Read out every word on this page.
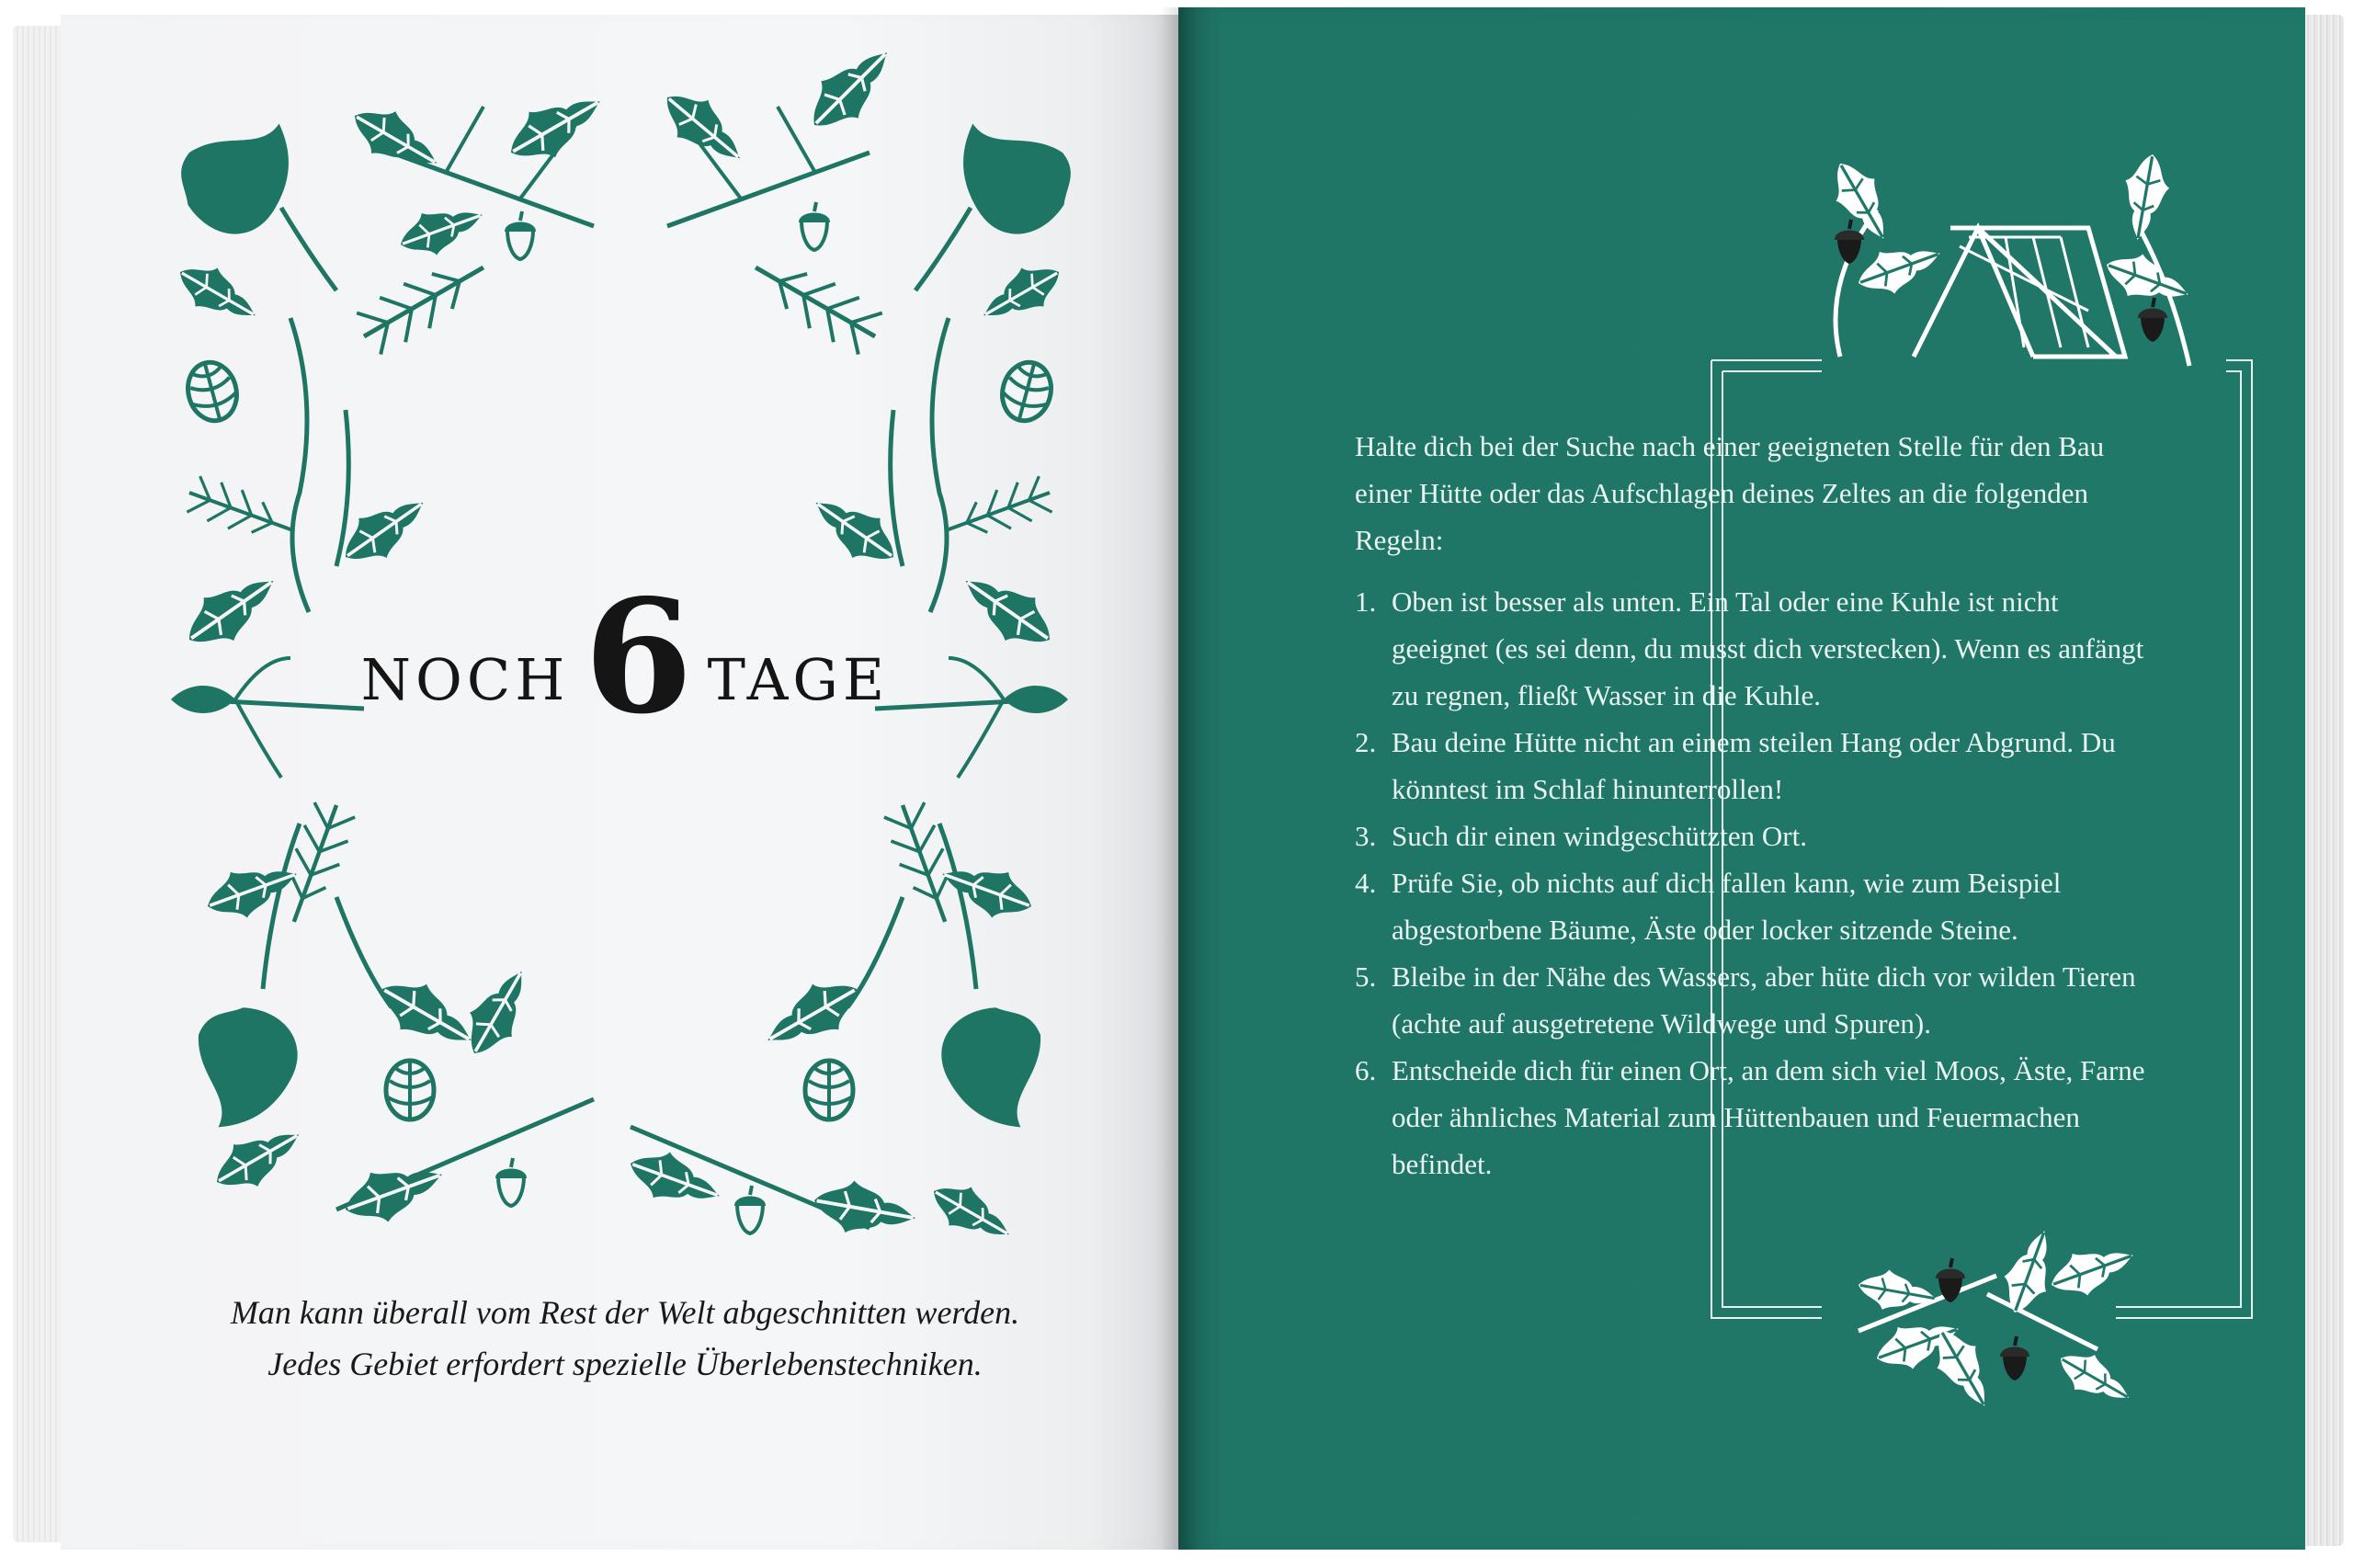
NOCH 6 TAGE
Man kann überall vom Rest der Welt abgeschnitten werden.
Jedes Gebiet erfordert spezielle Überlebenstechniken.

Halte dich bei der Suche nach einer geeigneten Stelle für den Bau einer Hütte oder das Aufschlagen deines Zeltes an die folgenden Regeln:

1. Oben ist besser als unten. Ein Tal oder eine Kuhle ist nicht geeignet (es sei denn, du musst dich verstecken). Wenn es anfängt zu regnen, fließt Wasser in die Kuhle.
2. Bau deine Hütte nicht an einem steilen Hang oder Abgrund. Du könntest im Schlaf hinunterrollen!
3. Such dir einen windgeschützten Ort.
4. Prüfe Sie, ob nichts auf dich fallen kann, wie zum Beispiel abgestorbene Bäume, Äste oder locker sitzende Steine.
5. Bleibe in der Nähe des Wassers, aber hüte dich vor wilden Tieren (achte auf ausgetretene Wildwege und Spuren).
6. Entscheide dich für einen Ort, an dem sich viel Moos, Äste, Farne oder ähnliches Material zum Hüttenbauen und Feuermachen befindet.
